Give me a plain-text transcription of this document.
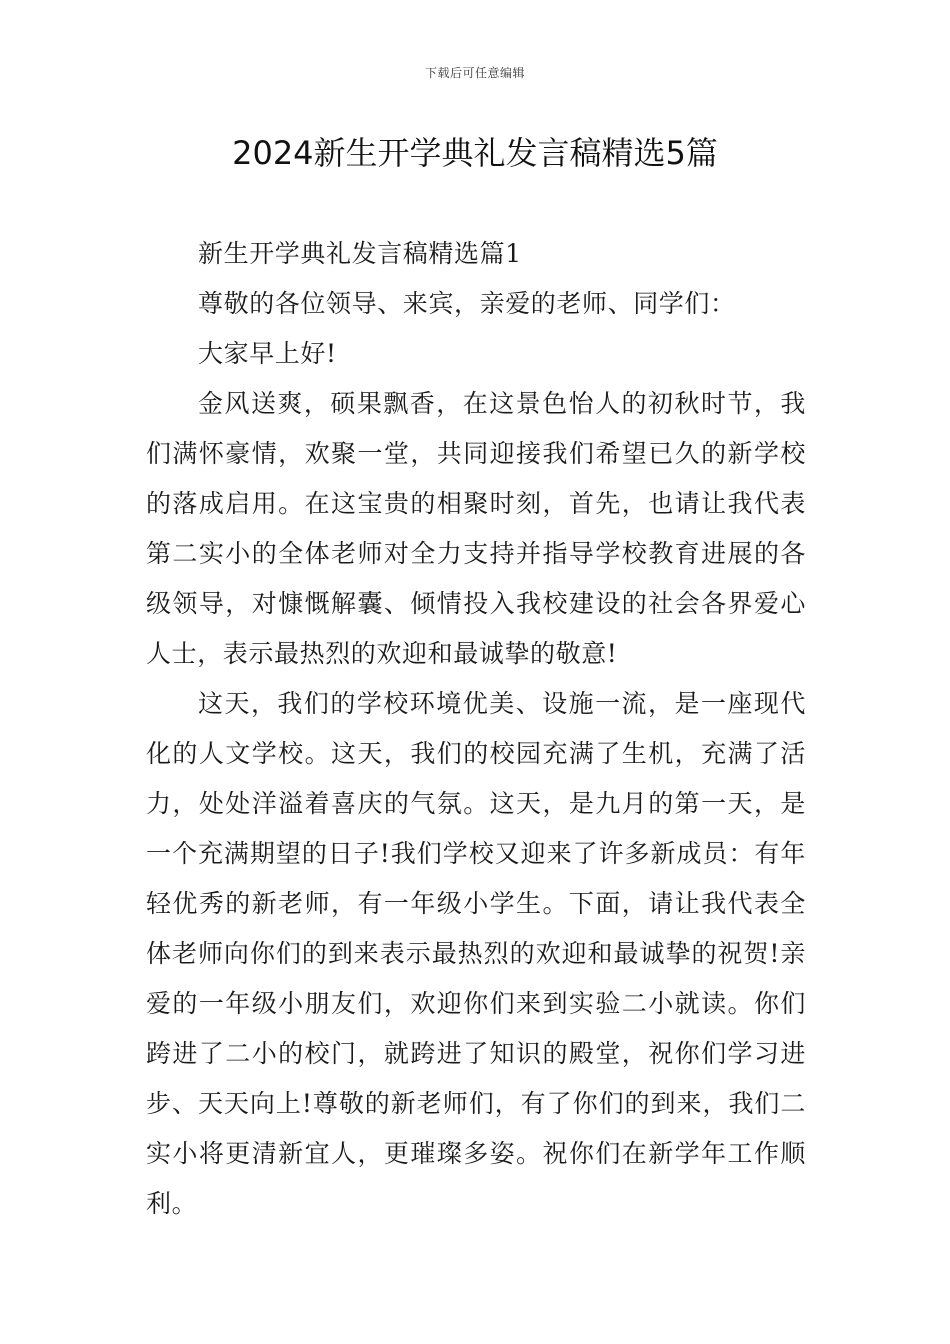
下载后可任意编辑
2024新生开学典礼发言稿精选5篇

新生开学典礼发言稿精选篇1

尊敬的各位领导、来宾，亲爱的老师、同学们：

大家早上好!

金风送爽，硕果飘香，在这景色怡人的初秋时节，我们满怀豪情，欢聚一堂，共同迎接我们希望已久的新学校的落成启用。在这宝贵的相聚时刻，首先，也请让我代表第二实小的全体老师对全力支持并指导学校教育进展的各级领导，对慷慨解囊、倾情投入我校建设的社会各界爱心人士，表示最热烈的欢迎和最诚挚的敬意!

这天，我们的学校环境优美、设施一流，是一座现代化的人文学校。这天，我们的校园充满了生机，充满了活力，处处洋溢着喜庆的气氛。这天，是九月的第一天，是一个充满期望的日子!我们学校又迎来了许多新成员：有年轻优秀的新老师，有一年级小学生。下面，请让我代表全体老师向你们的到来表示最热烈的欢迎和最诚挚的祝贺!亲爱的一年级小朋友们，欢迎你们来到实验二小就读。你们跨进了二小的校门，就跨进了知识的殿堂，祝你们学习进步、天天向上!尊敬的新老师们，有了你们的到来，我们二实小将更清新宜人，更璀璨多姿。祝你们在新学年工作顺利。
